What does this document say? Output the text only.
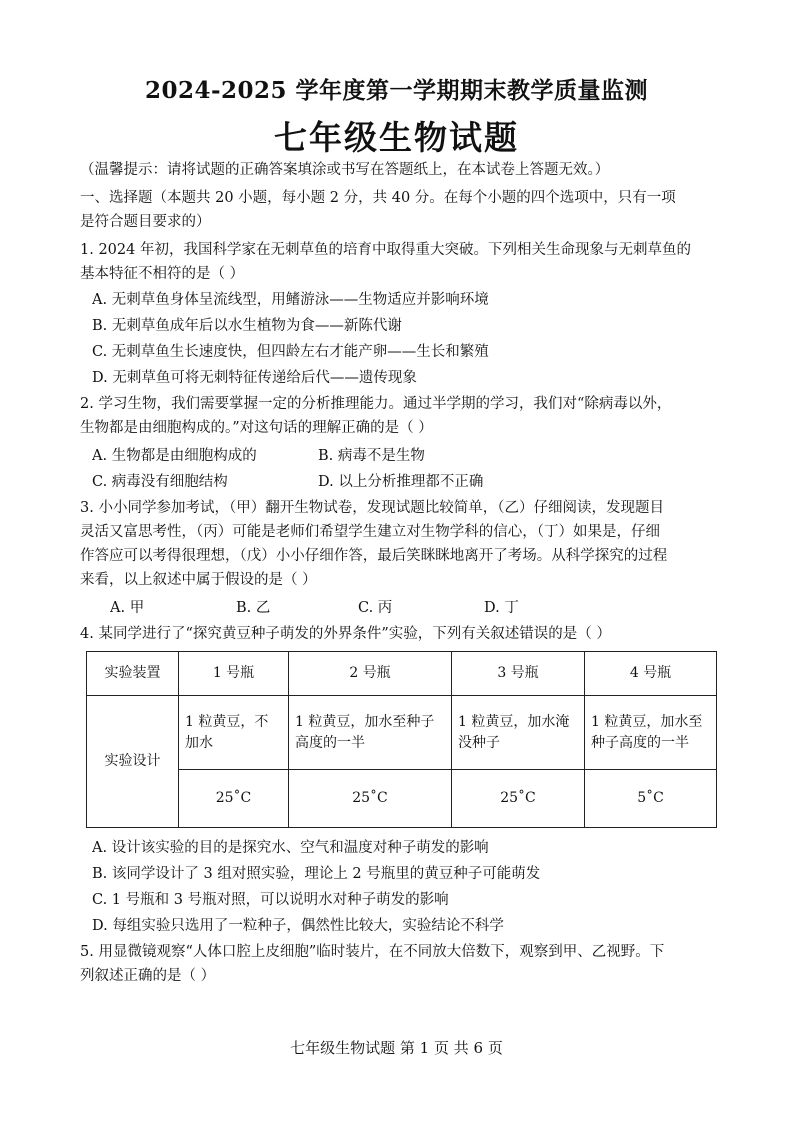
2024-2025 学年度第一学期期末教学质量监测
七年级生物试题
（温馨提示：请将试题的正确答案填涂或书写在答题纸上，在本试卷上答题无效。）
一、选择题（本题共 20 小题，每小题 2 分，共 40 分。在每个小题的四个选项中，只有一项
是符合题目要求的）
1. 2024 年初，我国科学家在无刺草鱼的培育中取得重大突破。下列相关生命现象与无刺草鱼的
基本特征不相符的是（ ）
A. 无刺草鱼身体呈流线型，用鳍游泳——生物适应并影响环境
B. 无刺草鱼成年后以水生植物为食——新陈代谢
C. 无刺草鱼生长速度快，但四龄左右才能产卵——生长和繁殖
D. 无刺草鱼可将无刺特征传递给后代——遗传现象
2. 学习生物，我们需要掌握一定的分析推理能力。通过半学期的学习，我们对“除病毒以外，
生物都是由细胞构成的。”对这句话的理解正确的是（ ）
A. 生物都是由细胞构成的	B. 病毒不是生物
C. 病毒没有细胞结构	D. 以上分析推理都不正确
3. 小小同学参加考试，（甲）翻开生物试卷，发现试题比较简单，（乙）仔细阅读，发现题目
灵活又富思考性，（丙）可能是老师们希望学生建立对生物学科的信心，（丁）如果是，仔细
作答应可以考得很理想，（戊）小小仔细作答，最后笑眯眯地离开了考场。从科学探究的过程
来看，以上叙述中属于假设的是（ ）
A. 甲	B. 乙	C. 丙	D. 丁
4. 某同学进行了“探究黄豆种子萌发的外界条件”实验，下列有关叙述错误的是（ ）
实验装置	1 号瓶	2 号瓶	3 号瓶	4 号瓶
实验设计	1 粒黄豆，不加水	1 粒黄豆，加水至种子高度的一半	1 粒黄豆，加水淹没种子	1 粒黄豆，加水至种子高度的一半
	25˚C	25˚C	25˚C	5˚C
A. 设计该实验的目的是探究水、空气和温度对种子萌发的影响
B. 该同学设计了 3 组对照实验，理论上 2 号瓶里的黄豆种子可能萌发
C. 1 号瓶和 3 号瓶对照，可以说明水对种子萌发的影响
D. 每组实验只选用了一粒种子，偶然性比较大，实验结论不科学
5. 用显微镜观察“人体口腔上皮细胞”临时装片，在不同放大倍数下，观察到甲、乙视野。下
列叙述正确的是（ ）
七年级生物试题 第 1 页 共 6 页
